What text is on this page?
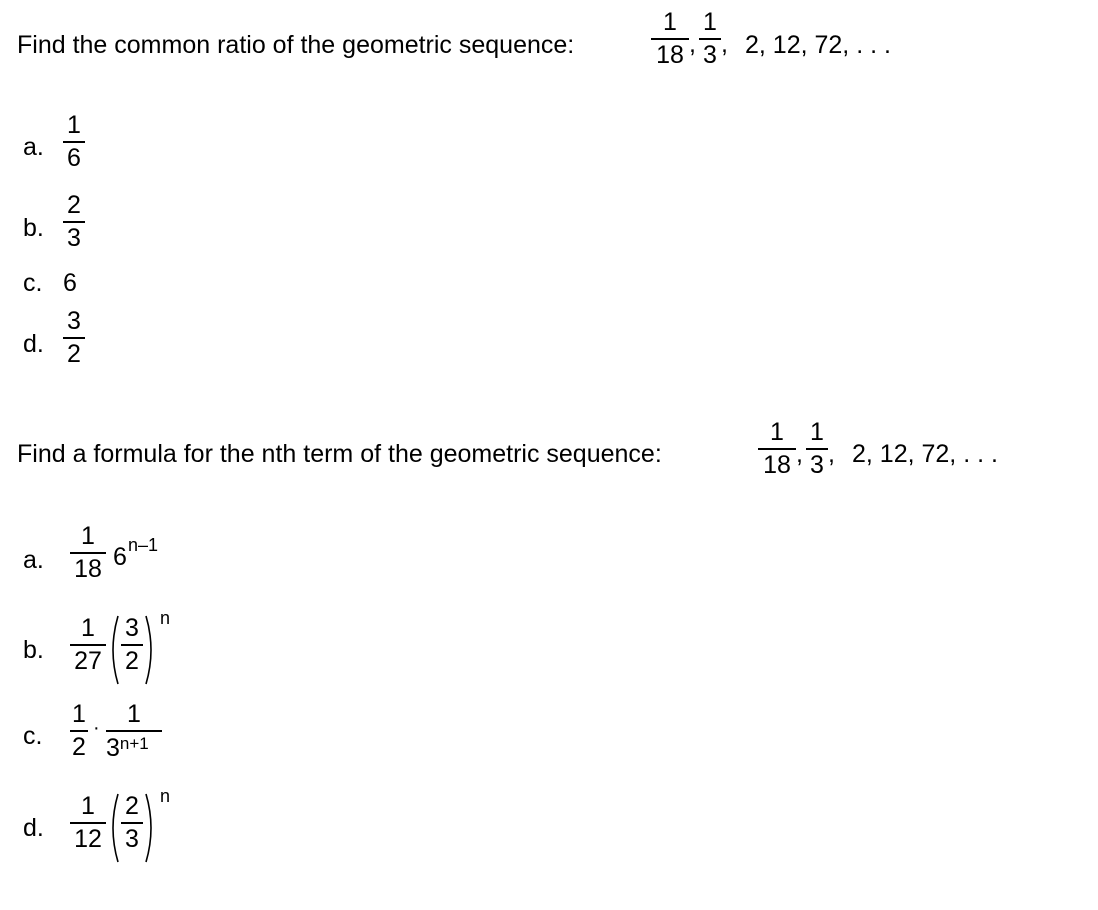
Find the common ratio of the geometric sequence:
1
18 ,
1
3 , 2, 12, 72, . . .
a.
1
6
b.
2
3
c. 6
d.
3
2
Find a formula for the nth term of the geometric sequence:
1
18 ,
1
3 , 2, 12, 72, . . .
a.
1
18 6 n–1
b.
1
27
3
2
n
c.
1
2
·	1
$3^{n+1}$
d.
1
12
2
3
n
